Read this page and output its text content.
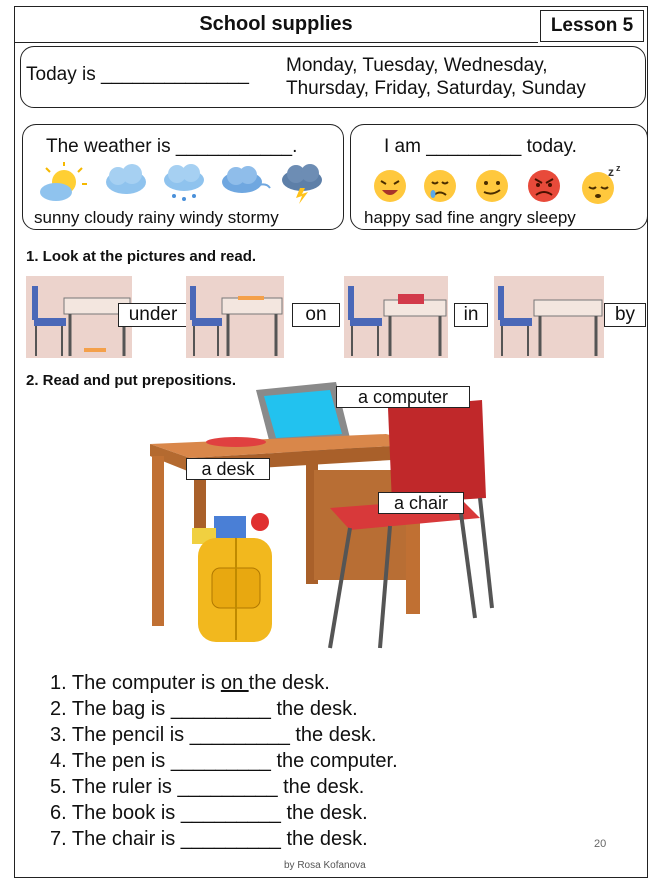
School supplies	Lesson 5
Today is ______________ Monday, Tuesday, Wednesday,
Thursday, Friday, Saturday, Sunday
The weather is ___________.
sunny cloudy rainy windy stormy
I am _________ today.
z z
happy sad fine angry sleepy
1. Look at the pictures and read.
under	on	in	by
2. Read and put prepositions.
a computer
a desk
a chair
1. The computer is on the desk.
2. The bag is _________ the desk.
3. The pencil is _________ the desk.
4. The pen is _________ the computer.
5. The ruler is _________ the desk.
6. The book is _________ the desk.
7. The chair is _________ the desk.	20
by Rosa Kofanova
